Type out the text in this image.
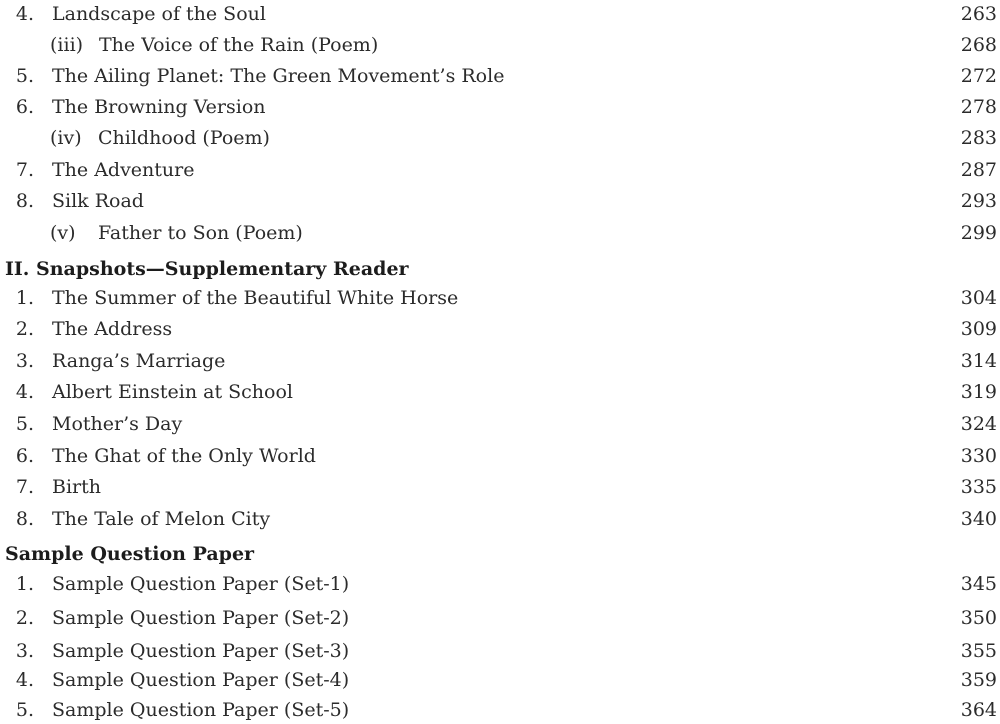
4. Landscape of the Soul	263
(iii) The Voice of the Rain (Poem)	268
5. The Ailing Planet: The Green Movement’s Role	272
6. The Browning Version	278
(iv) Childhood (Poem)	283
7. The Adventure	287
8. Silk Road	293
(v) Father to Son (Poem)	299
II. Snapshots—Supplementary Reader
1. The Summer of the Beautiful White Horse	304
2. The Address	309
3. Ranga’s Marriage	314
4. Albert Einstein at School	319
5. Mother’s Day	324
6. The Ghat of the Only World	330
7. Birth	335
8. The Tale of Melon City	340
Sample Question Paper
1. Sample Question Paper (Set-1)	345
2. Sample Question Paper (Set-2)	350
3. Sample Question Paper (Set-3)	355
4. Sample Question Paper (Set-4)	359
5. Sample Question Paper (Set-5)	364
